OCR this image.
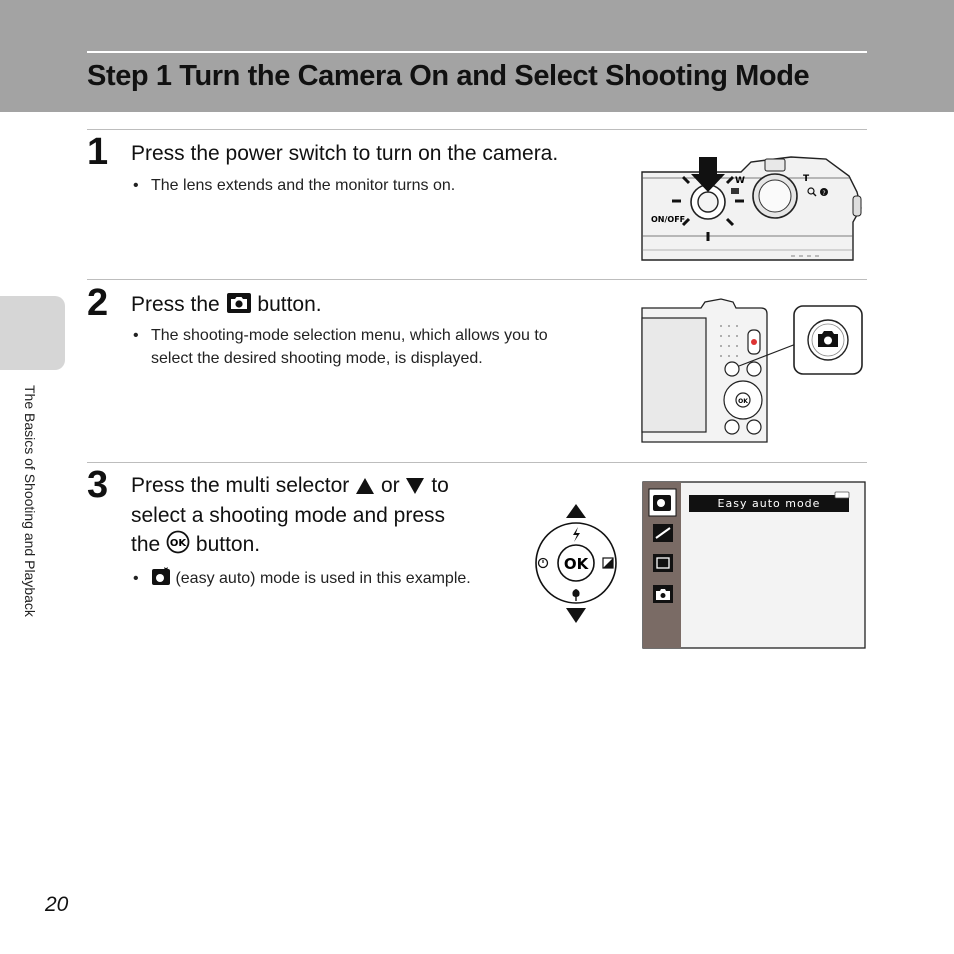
Step 1 Turn the Camera On and Select Shooting Mode
The Basics of Shooting and Playback
1 Press the power switch to turn on the camera.
• The lens extends and the monitor turns on.	W	T
?
ON/OFF
2 Press the button.
• The shooting-mode selection menu, which allows you to
select the desired shooting mode, is displayed.
OK
3 Press the multi selector or to
select a shooting mode and press
the OK button.
• (easy auto) mode is used in this example.
OK
Easy auto mode
20
